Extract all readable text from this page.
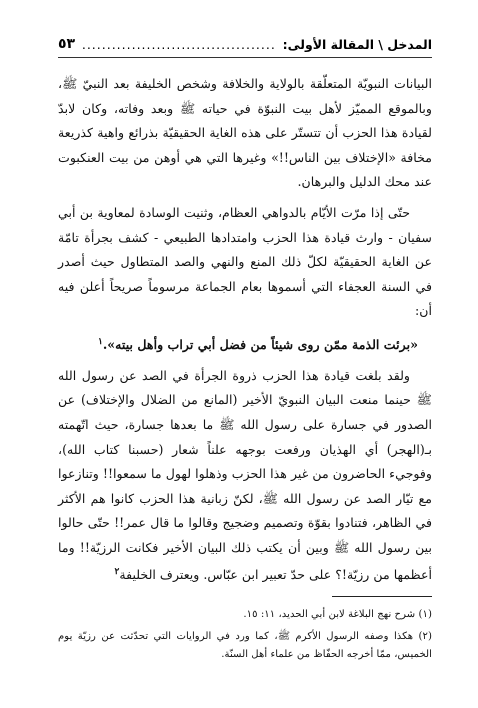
المدخل \ المقالة الأولى:
.......................................
٥٣

البيانات النبويّة المتعلّقة بالولاية والخلافة وشخص الخليفة بعد النبيّ ﷺ، وبالموقع المميّز لأهل بيت النبوّة في حياته ﷺ وبعد وفاته، وكان لابدّ لقيادة هذا الحزب أن تتستّر على هذه الغاية الحقيقيّة بذرائع واهية كذريعة مخافة «الإختلاف بين الناس!!» وغيرها التي هي أوهن من بيت العنكبوت عند محك الدليل والبرهان.

حتّى إذا مرّت الأيّام بالدواهي العظام، وثنيت الوسادة لمعاوية بن أبي سفيان - وارث قيادة هذا الحزب وامتدادها الطبيعي - كشف بجرأة تامّة عن الغاية الحقيقيّة لكلّ ذلك المنع والنهي والصد المتطاول حيث أصدر في السنة العجفاء التي أسموها بعام الجماعة مرسوماً صريحاً أعلن فيه أن:

«برئت الذمة ممّن روى شيئاً من فضل أبي تراب وأهل بيته».$^١$

ولقد بلغت قيادة هذا الحزب ذروة الجرأة في الصد عن رسول الله ﷺ حينما منعت البيان النبويّ الأخير (المانع من الضلال والإختلاف) عن الصدور في جسارة على رسول الله ﷺ ما بعدها جسارة، حيث اتّهمته بـ(الهجر) أي الهذيان ورفعت بوجهه علناً شعار (حسبنا كتاب الله)، وفوجيء الحاضرون من غير هذا الحزب وذهلوا لهول ما سمعوا!! وتنازعوا مع تيّار الصد عن رسول الله ﷺ، لكنّ زبانية هذا الحزب كانوا هم الأكثر في الظاهر، فتنادوا بقوّة وتصميم وضجيج وقالوا ما قال عمر!! حتّى حالوا بين رسول الله ﷺ وبين أن يكتب ذلك البيان الأخير فكانت الرزيّة!! وما أعظمها من رزيّة!؟ على حدّ تعبير ابن عبّاس. ويعترف الخليفة$^٢$

(١) شرح نهج البلاغة لابن أبي الحديد، ١١: ١٥.

(٢) هكذا وصفه الرسول الأكرم ﷺ، كما ورد في الروايات التي تحدّثت عن رزيّة يوم الخميس، ممّا أخرجه الحفّاظ من علماء أهل السنّة.
